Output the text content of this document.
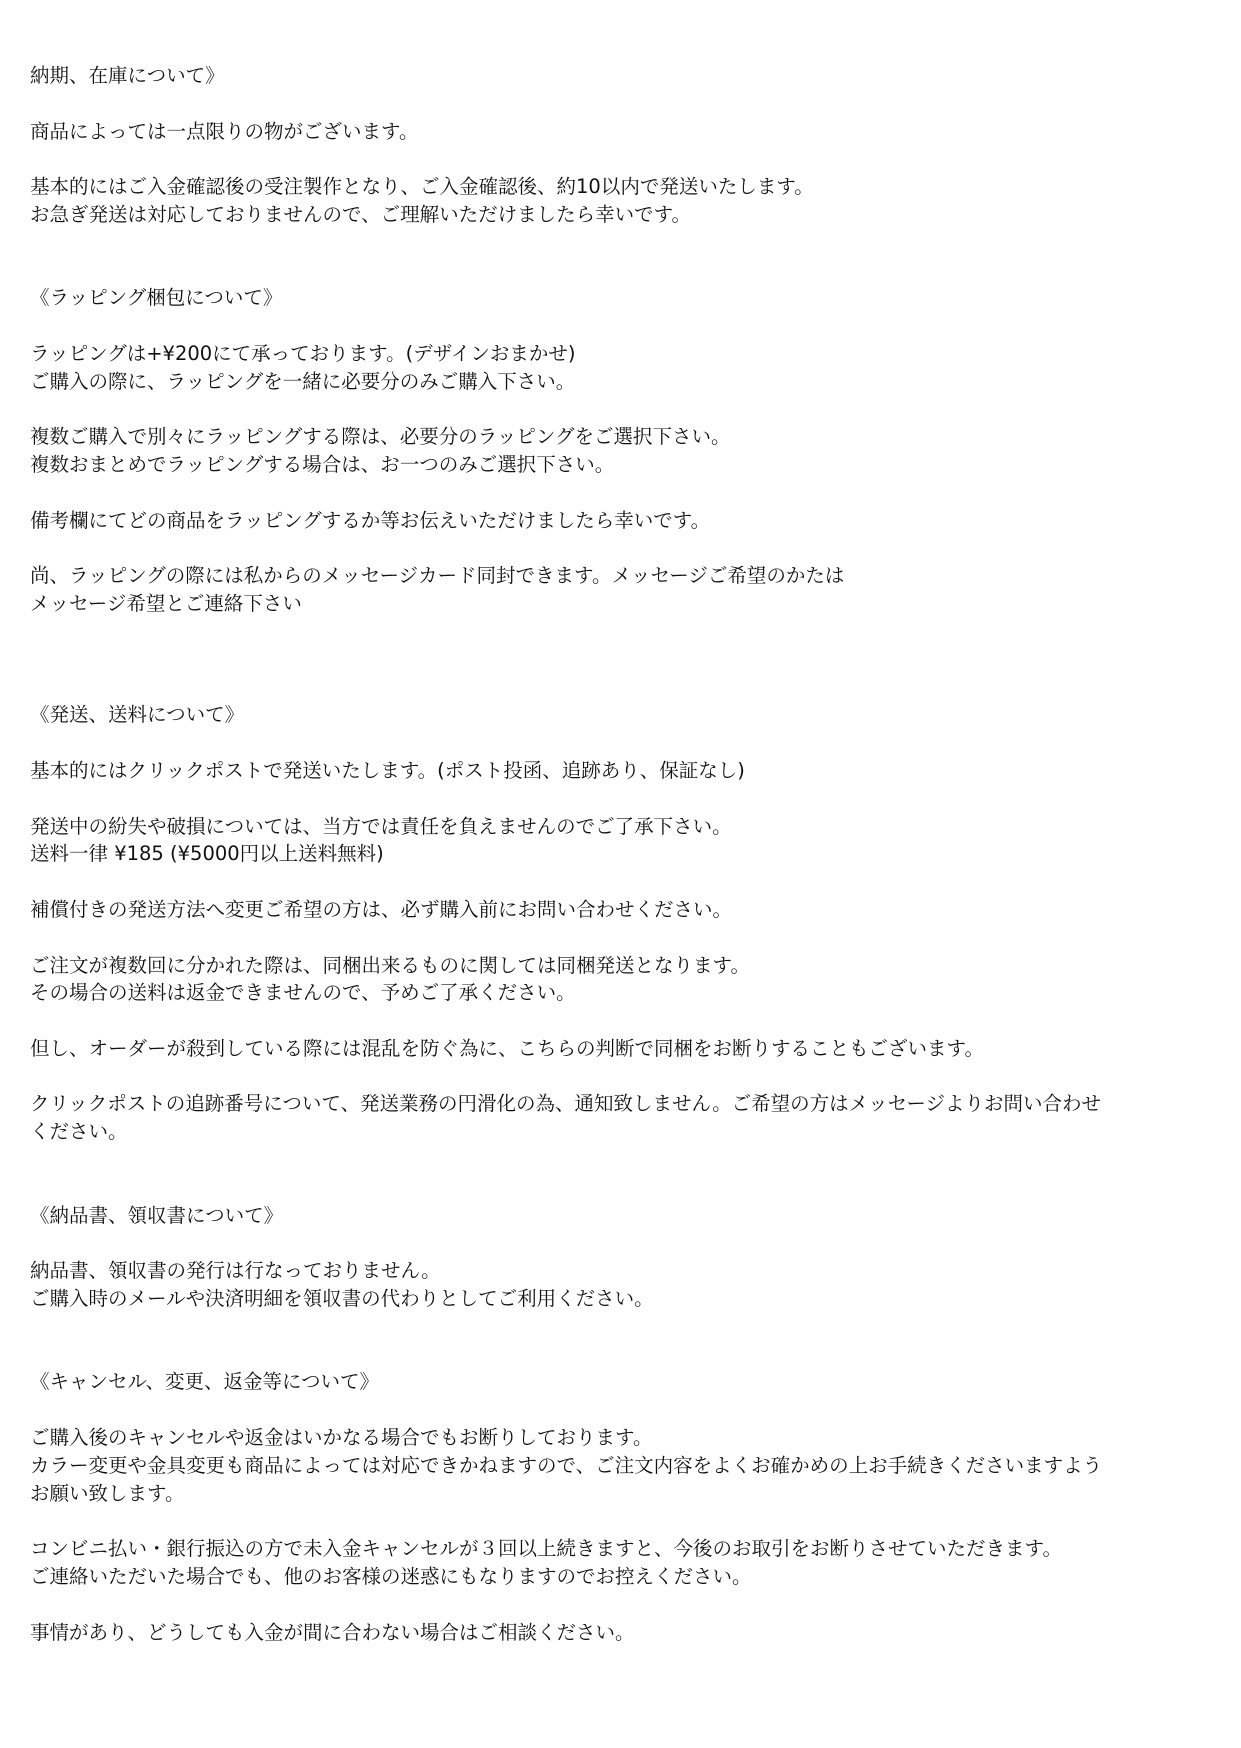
納期、在庫について》
商品によっては一点限りの物がございます。
基本的にはご入金確認後の受注製作となり、ご入金確認後、約10以内で発送いたします。
お急ぎ発送は対応しておりませんので、ご理解いただけましたら幸いです。
《ラッピング梱包について》
ラッピングは+¥200にて承っております。(デザインおまかせ)
ご購入の際に、ラッピングを一緒に必要分のみご購入下さい。
複数ご購入で別々にラッピングする際は、必要分のラッピングをご選択下さい。
複数おまとめでラッピングする場合は、お一つのみご選択下さい。
備考欄にてどの商品をラッピングするか等お伝えいただけましたら幸いです。
尚、ラッピングの際には私からのメッセージカード同封できます。メッセージご希望のかたは
メッセージ希望とご連絡下さい
《発送、送料について》
基本的にはクリックポストで発送いたします。(ポスト投函、追跡あり、保証なし)
発送中の紛失や破損については、当方では責任を負えませんのでご了承下さい。
送料一律 ¥185 (¥5000円以上送料無料)
補償付きの発送方法へ変更ご希望の方は、必ず購入前にお問い合わせください。
ご注文が複数回に分かれた際は、同梱出来るものに関しては同梱発送となります。
その場合の送料は返金できませんので、予めご了承ください。
但し、オーダーが殺到している際には混乱を防ぐ為に、こちらの判断で同梱をお断りすることもございます。
クリックポストの追跡番号について、発送業務の円滑化の為、通知致しません。ご希望の方はメッセージよりお問い合わせ
ください。
《納品書、領収書について》
納品書、領収書の発行は行なっておりません。
ご購入時のメールや決済明細を領収書の代わりとしてご利用ください。
《キャンセル、変更、返金等について》
ご購入後のキャンセルや返金はいかなる場合でもお断りしております。
カラー変更や金具変更も商品によっては対応できかねますので、ご注文内容をよくお確かめの上お手続きくださいますよう
お願い致します。
コンビニ払い・銀行振込の方で未入金キャンセルが３回以上続きますと、今後のお取引をお断りさせていただきます。
ご連絡いただいた場合でも、他のお客様の迷惑にもなりますのでお控えください。
事情があり、どうしても入金が間に合わない場合はご相談ください。
